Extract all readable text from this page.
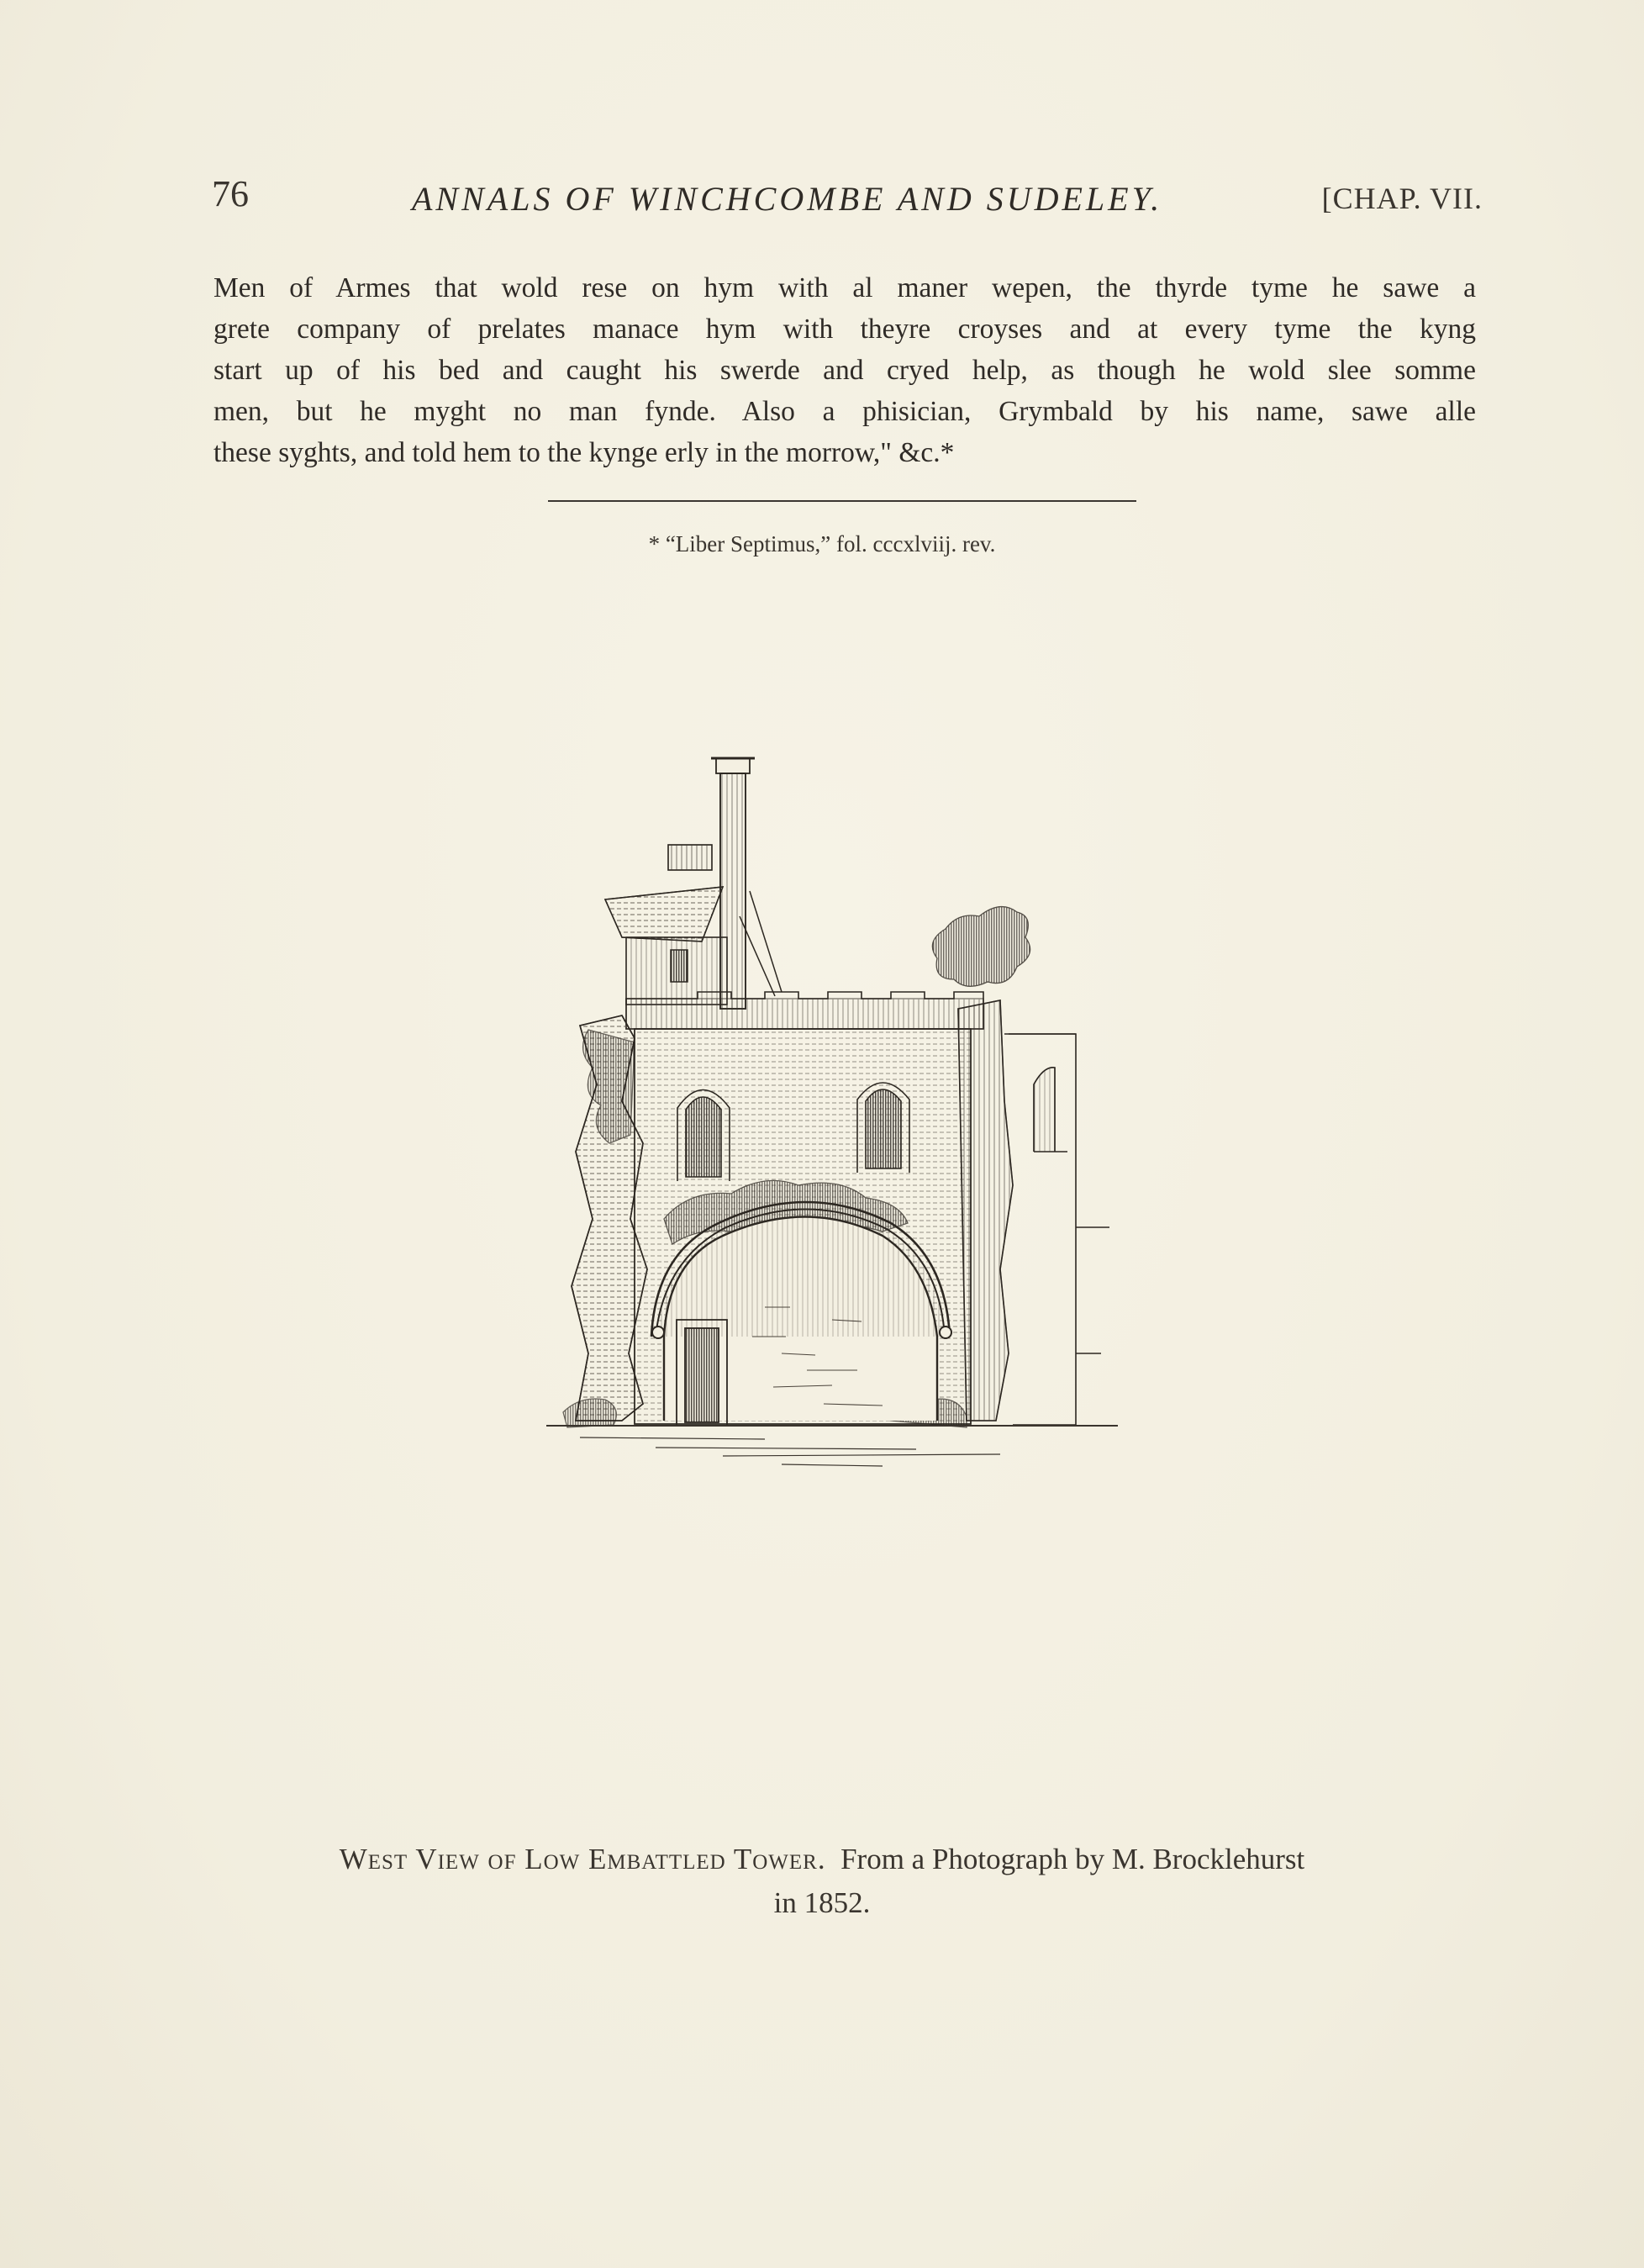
76	ANNALS OF WINCHCOMBE AND SUDELEY.	[CHAP. VII.
Men of Armes that wold rese on hym with al maner wepen, the thyrde tyme he sawe a
grete company of prelates manace hym with theyre croyses and at every tyme the kyng
start up of his bed and caught his swerde and cryed help, as though he wold slee somme
men, but he myght no man fynde. Also a phisician, Grymbald by his name, sawe alle
these syghts, and told hem to the kynge erly in the morrow," &c.*
* “Liber Septimus,” fol. cccxlviij. rev.
West View of Low Embattled Tower. From a Photograph by M. Brocklehurst
in 1852.
